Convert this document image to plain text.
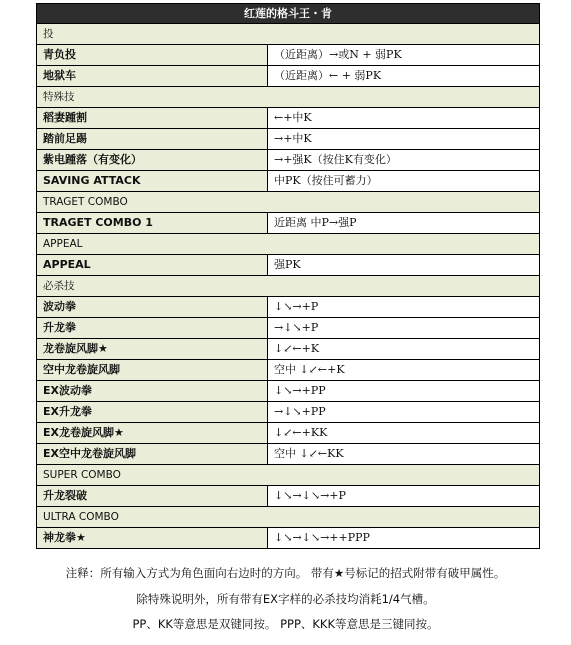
红莲的格斗王・肯	
投	
青负投	（近距离）→或N + 弱PK
地狱车	（近距离）← + 弱PK
特殊技	
稻妻踵割	←+中K
踏前足踢	→+中K
紫电踵落（有变化）	→+强K（按住K有变化）
SAVING ATTACK	中PK（按住可蓄力）
TRAGET COMBO	
TRAGET COMBO 1	近距离 中P→强P
APPEAL	
APPEAL	强PK
必杀技	
波动拳	↓↘→+P
升龙拳	→↓↘+P
龙卷旋风脚★	↓↙←+K
空中龙卷旋风脚	空中 ↓↙←+K
EX波动拳	↓↘→+PP
EX升龙拳	→↓↘+PP
EX龙卷旋风脚★	↓↙←+KK
EX空中龙卷旋风脚	空中 ↓↙←KK
SUPER COMBO	
升龙裂破	↓↘→↓↘→+P
ULTRA COMBO	
神龙拳★	↓↘→↓↘→++PPP
注释：所有输入方式为角色面向右边时的方向。 带有★号标记的招式附带有破甲属性。
除特殊说明外，所有带有EX字样的必杀技均消耗1/4气槽。
PP、KK等意思是双键同按。 PPP、KKK等意思是三键同按。
